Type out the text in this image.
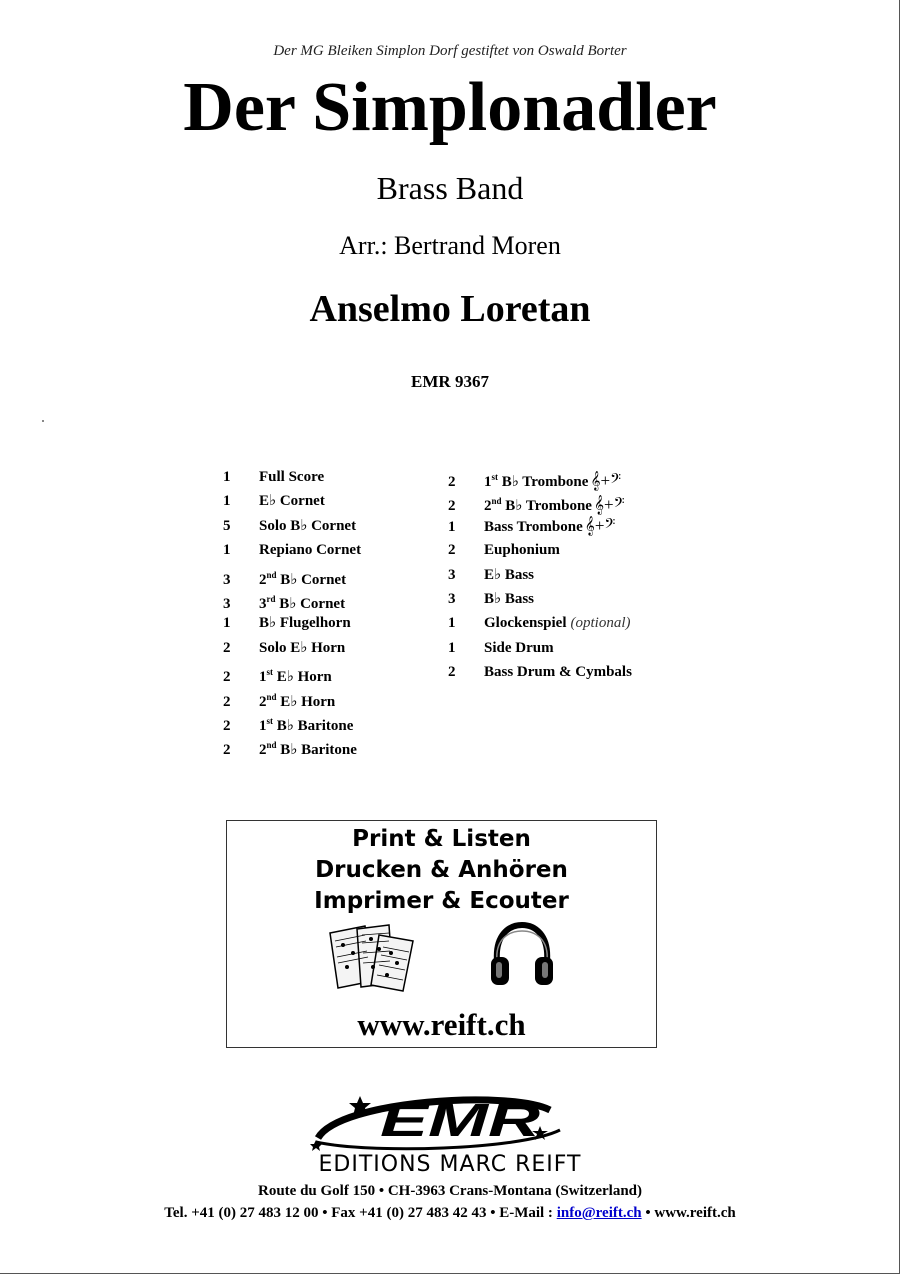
Der MG Bleiken Simplon Dorf gestiftet von Oswald Borter
Der Simplonadler
Brass Band
Arr.: Bertrand Moren
Anselmo Loretan
EMR 9367
1 Full Score
1 E♭ Cornet
5 Solo B♭ Cornet
1 Repiano Cornet
3 2nd B♭ Cornet
3 3rd B♭ Cornet
1 B♭ Flugelhorn
2 Solo E♭ Horn
2 1st E♭ Horn
2 2nd E♭ Horn
2 1st B♭ Baritone
2 2nd B♭ Baritone
2 1st B♭ Trombone 𝄞+𝄢
2 2nd B♭ Trombone 𝄞+𝄢
1 Bass Trombone 𝄞+𝄢
2 Euphonium
3 E♭ Bass
3 B♭ Bass
1 Glockenspiel (optional)
1 Side Drum
2 Bass Drum & Cymbals
Print & Listen
Drucken & Anhören
Imprimer & Ecouter
www.reift.ch
EMR
EDITIONS MARC REIFT
Route du Golf 150 • CH-3963 Crans-Montana (Switzerland)
Tel. +41 (0) 27 483 12 00 • Fax +41 (0) 27 483 42 43 • E-Mail : info@reift.ch • www.reift.ch
